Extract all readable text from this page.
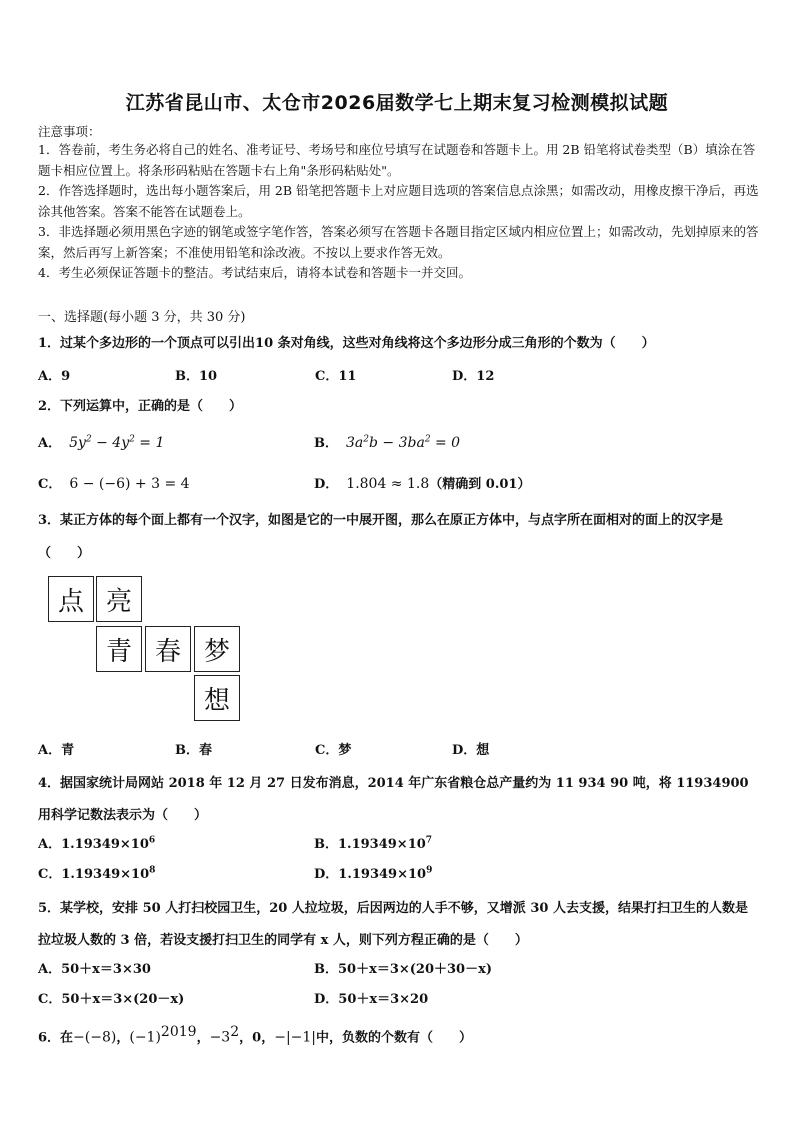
江苏省昆山市、太仓市2026届数学七上期末复习检测模拟试题
注意事项：
1．答卷前，考生务必将自己的姓名、准考证号、考场号和座位号填写在试题卷和答题卡上。用 2B 铅笔将试卷类型（B）填涂在答题卡相应位置上。将条形码粘贴在答题卡右上角"条形码粘贴处"。
2．作答选择题时，选出每小题答案后，用 2B 铅笔把答题卡上对应题目选项的答案信息点涂黑；如需改动，用橡皮擦干净后，再选涂其他答案。答案不能答在试题卷上。
3．非选择题必须用黑色字迹的钢笔或签字笔作答，答案必须写在答题卡各题目指定区域内相应位置上；如需改动，先划掉原来的答案，然后再写上新答案；不准使用铅笔和涂改液。不按以上要求作答无效。
4．考生必须保证答题卡的整洁。考试结束后，请将本试卷和答题卡一并交回。
一、选择题(每小题 3 分，共 30 分)
1．过某个多边形的一个顶点可以引出10 条对角线，这些对角线将这个多边形分成三角形的个数为（　　）
A．9	B．10	C．11	D．12
2．下列运算中，正确的是（　　）
A． $5y^2 - 4y^2 = 1$	B． $3a^2b - 3ba^2 = 0$
C． 6 − (−6) + 3 = 4	D． 1.804 ≈ 1.8（精确到 0.01）
3．某正方体的每个面上都有一个汉字，如图是它的一中展开图，那么在原正方体中，与点字所在面相对的面上的汉字是（　　）
点 亮
青 春 梦
想
A．青	B．春	C．梦	D．想
4．据国家统计局网站 2018 年 12 月 27 日发布消息，2014 年广东省粮仓总产量约为 11 934 90 吨，将 11934900 用科学记数法表示为（　　）
A．$1.19349\times 10^6$	B．$1.19349\times 10^7$
C．$1.19349\times 10^8$	D．$1.19349\times 10^9$
5．某学校，安排 50 人打扫校园卫生，20 人拉垃圾，后因两边的人手不够，又增派 30 人去支援，结果打扫卫生的人数是拉垃圾人数的 3 倍，若设支援打扫卫生的同学有 x 人，则下列方程正确的是（　　）
A．50＋x＝3×30	B．50＋x＝3×(20＋30－x)
C．50＋x＝3×(20－x)	D．50＋x＝3×20
6．在−(−8)，$(-1)^{2019}$，$-3^2$，0，−|−1|中，负数的个数有（　　）
